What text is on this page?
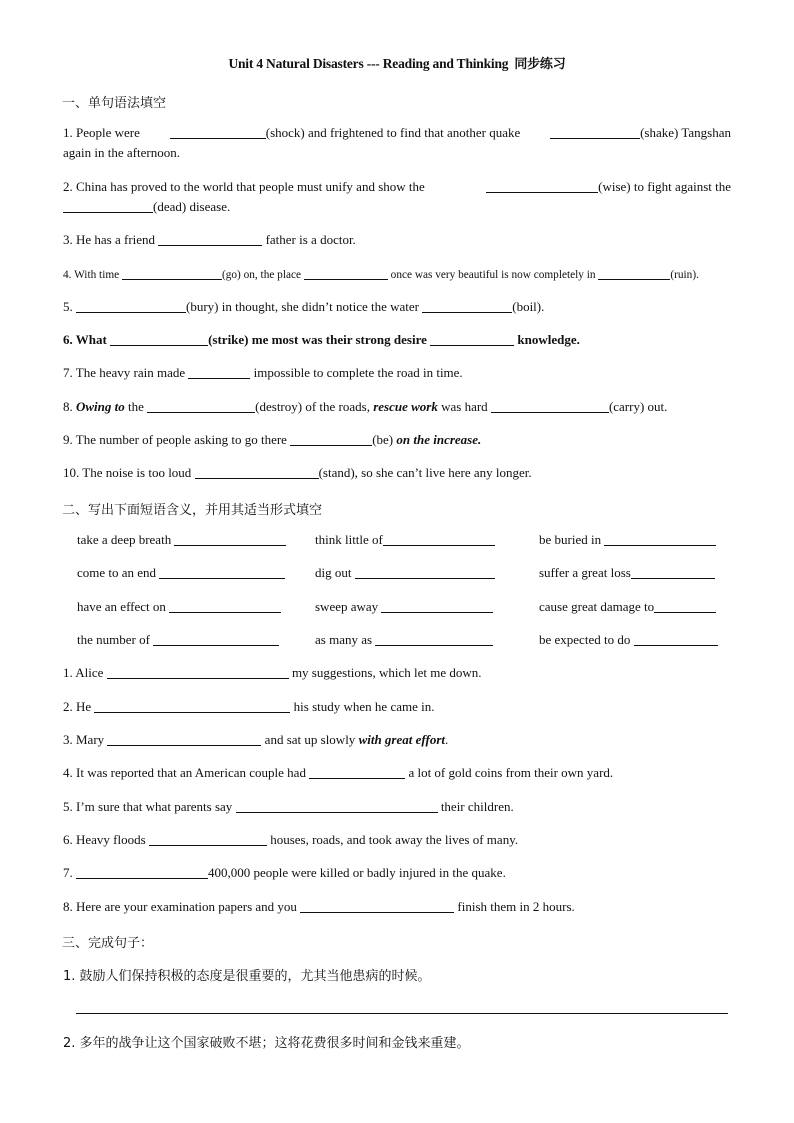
Unit 4 Natural Disasters --- Reading and Thinking 同步练习
一、单句语法填空
1. People were	(shock) and frightened to find that another quake	(shake) Tangshan
again in the afternoon.
2. China has proved to the world that people must unify and show the	(wise) to fight against the
(dead) disease.
3. He has a friend	father is a doctor.
4. With time	(go) on, the place	once was very beautiful is now completely in	(ruin).
5.	(bury) in thought, she didn’t notice the water	(boil).
6. What	(strike) me most was their strong desire	knowledge.
7. The heavy rain made	impossible to complete the road in time.
8. Owing to the	(destroy) of the roads, rescue work was hard	(carry) out.
9. The number of people asking to go there	(be) on the increase.
10. The noise is too loud	(stand), so she can’t live here any longer.
二、写出下面短语含义，并用其适当形式填空
take a deep breath	think little of	be buried in
come to an end	dig out	suffer a great loss
have an effect on	sweep away	cause great damage to
the number of	as many as	be expected to do
1. Alice	my suggestions, which let me down.
2. He	his study when he came in.
3. Mary	and sat up slowly with great effort.
4. It was reported that an American couple had	a lot of gold coins from their own yard.
5. I’m sure that what parents say	their children.
6. Heavy floods	houses, roads, and took away the lives of many.
7.	400,000 people were killed or badly injured in the quake.
8. Here are your examination papers and you	finish them in 2 hours.
三、完成句子：
1. 鼓励人们保持积极的态度是很重要的，尤其当他患病的时候。
2. 多年的战争让这个国家破败不堪；这将花费很多时间和金钱来重建。
